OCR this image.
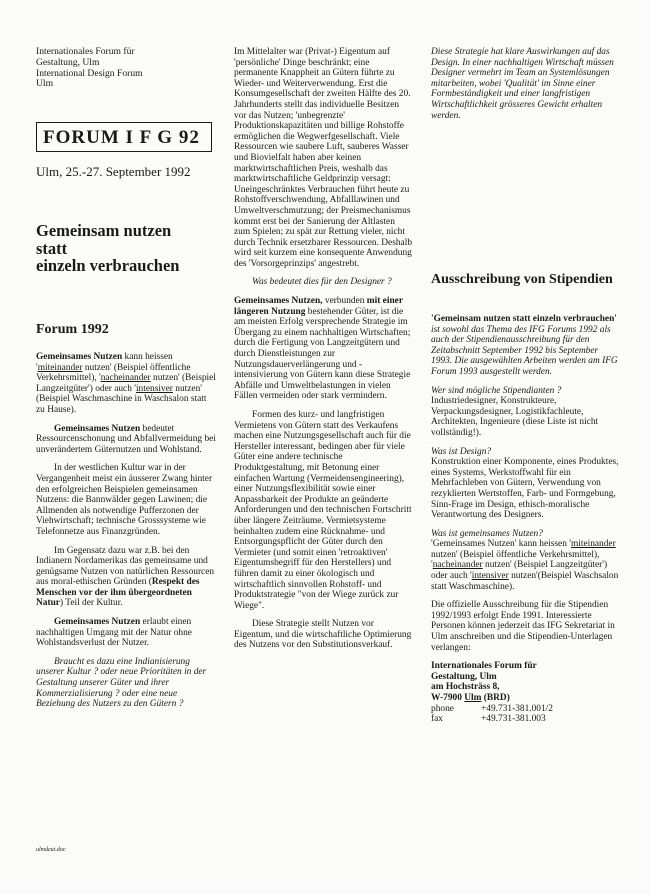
Internationales Forum für
Gestaltung, Ulm
International Design Forum
Ulm
FORUM I F G 92
Ulm, 25.-27. September 1992
Gemeinsam nutzen
statt
einzeln verbrauchen
Forum 1992

Gemeinsames Nutzen kann heissen 'miteinander nutzen' (Beispiel öffentliche Verkehrsmittel), 'nacheinander nutzen' (Beispiel Langzeitgüter') oder auch 'intensiver nutzen' (Beispiel Waschmaschine in Waschsalon statt zu Hause).

Gemeinsames Nutzen bedeutet Ressourcenschonung und Abfallvermeidung bei unverändertem Güternutzen und Wohlstand.

In der westlichen Kultur war in der Vergangenheit meist ein äusserer Zwang hinter den erfolgreichen Beispielen gemeinsamen Nutzens: die Bannwälder gegen Lawinen; die Allmenden als notwendige Pufferzonen der Viehwirtschaft; technische Grosssysteme wie Telefonnetze aus Finanzgründen.

Im Gegensatz dazu war z.B. bei den Indianern Nordamerikas das gemeinsame und genügsame Nutzen von natürlichen Ressourcen aus moral-ethischen Gründen (Respekt des Menschen vor der ihm übergeordneten Natur) Teil der Kultur.

Gemeinsames Nutzen erlaubt einen nachhaltigen Umgang mit der Natur ohne Wohlstandsverlust der Nutzer.

Braucht es dazu eine Indianisierung unserer Kultur ? oder neue Prioritäten in der Gestaltung unserer Güter und ihrer Kommerzialisierung ? oder eine neue Beziehung des Nutzers zu den Gütern ?

ulmdeut.doc

Im Mittelalter war (Privat-) Eigentum auf 'persönliche' Dinge beschränkt; eine permanente Knappheit an Gütern führte zu Wieder- und Weiterverwendung. Erst die Konsumgesellschaft der zweiten Hälfte des 20. Jahrhunderts stellt das individuelle Besitzen vor das Nutzen; 'unbegrenzte' Produktionskapazitäten und billige Rohstoffe ermöglichen die Wegwerfgesellschaft. Viele Ressourcen wie saubere Luft, sauberes Wasser und Biovielfalt haben aber keinen marktwirtschaftlichen Preis, weshalb das marktwirtschaftliche Geldprinzip versagt: Uneingeschränktes Verbrauchen führt heute zu Rohstoffverschwendung, Abfalllawinen und Umweltverschmutzung; der Preismechanismus kommt erst bei der Sanierung der Altlasten zum Spielen; zu spät zur Rettung vieler, nicht durch Technik ersetzbarer Ressourcen. Deshalb wird seit kurzem eine konsequente Anwendung des 'Vorsorgeprinzips' angestrebt.

Was bedeutet dies für den Designer ?

Gemeinsames Nutzen, verbunden mit einer längeren Nutzung bestehender Güter, ist die am meisten Erfolg versprechende Strategie im Übergang zu einem nachhaltigen Wirtschaften; durch die Fertigung von Langzeitgütern und durch Dienstleistungen zur Nutzungsdauerverlängerung und -intensivierung von Gütern kann diese Strategie Abfälle und Umweltbelastungen in vielen Fällen vermeiden oder stark vermindern.

Formen des kurz- und langfristigen Vermietens von Gütern statt des Verkaufens machen eine Nutzungsgesellschaft auch für die Hersteller interessant, bedingen aber für viele Güter eine andere technische Produktgestaltung, mit Betonung einer einfachen Wartung (Vermeidensengineering), einer Nutzungsflexibilität sowie einer Anpassbarkeit der Produkte an geänderte Anforderungen und den technischen Fortschritt über längere Zeiträume. Vermietsysteme beinhalten zudem eine Rücknahme- und Entsorgungspflicht der Güter durch den Vermieter (und somit einen 'retroaktiven' Eigentumsbegriff für den Herstellers) und führen damit zu einer ökologisch und wirtschaftlich sinnvollen Rohstoff- und Produktstrategie "von der Wiege zurück zur Wiege".

Diese Strategie stellt Nutzen vor Eigentum, und die wirtschaftliche Optimierung des Nutzens vor den Substitutionsverkauf.

Diese Strategie hat klare Auswirkungen auf das Design. In einer nachhaltigen Wirtschaft müssen Designer vermehrt im Team an Systemlösungen mitarbeiten, wobei 'Qualität' im Sinne einer Formbeständigkeit und einer langfristigen Wirtschaftlichkeit grösseres Gewicht erhalten werden.
Ausschreibung von Stipendien

'Gemeinsam nutzen statt einzeln verbrauchen' ist sowohl das Thema des IFG Forums 1992 als auch der Stipendienausschreibung für den Zeitabschnitt September 1992 bis September 1993. Die ausgewählten Arbeiten werden am IFG Forum 1993 ausgestellt werden.

Wer sind mögliche Stipendianten ?

Industriedesigner, Konstrukteure, Verpackungsdesigner, Logistikfachleute, Architekten, Ingenieure (diese Liste ist nicht vollständig!).

Was ist Design?

Konstruktion einer Komponente, eines Produktes, eines Systems, Werkstoffwahl für ein Mehrfachleben von Gütern, Verwendung von rezyklierten Wertstoffen, Farb- und Formgebung, Sinn-Frage im Design, ethisch-moralische Verantwortung des Designers.

Was ist gemeinsames Nutzen?

'Gemeinsames Nutzen' kann heissen 'miteinander nutzen' (Beispiel öffentliche Verkehrsmittel), 'nacheinander nutzen' (Beispiel Langzeitgüter') oder auch 'intensiver nutzen'(Beispiel Waschsalon statt Waschmaschine).

Die offizielle Ausschreibung für die Stipendien 1992/1993 erfolgt Ende 1991. Interessierte Personen können jederzeit das IFG Sekretariat in Ulm anschreiben und die Stipendien-Unterlagen verlangen:

Internationales Forum für
Gestaltung, Ulm
am Hochsträss 8,
W-7900 Ulm (BRD)
phone	+49.731-381.001/2
fax	+49.731-381.003
